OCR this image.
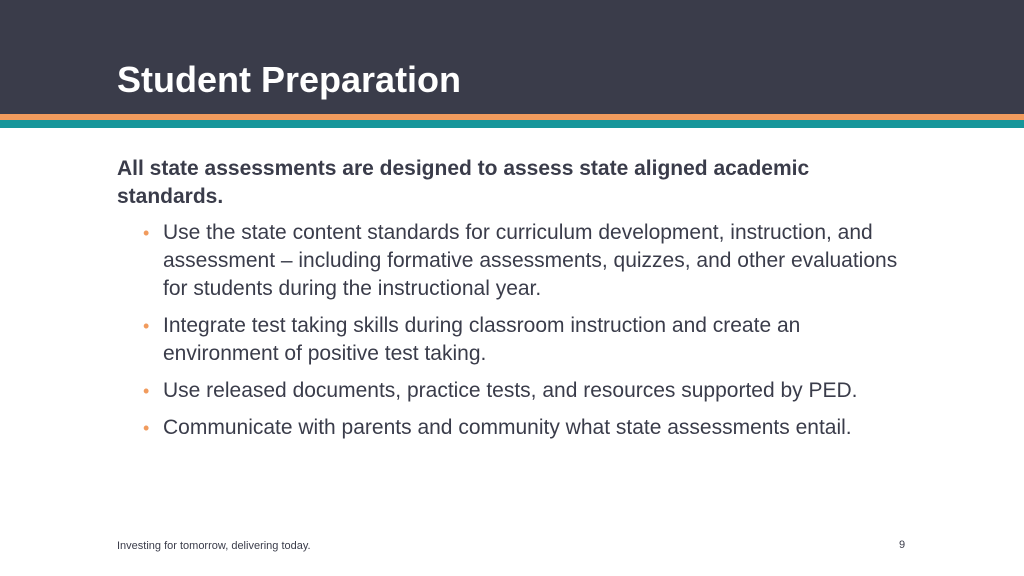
Student Preparation

All state assessments are designed to assess state aligned academic standards.

• Use the state content standards for curriculum development, instruction, and assessment – including formative assessments, quizzes, and other evaluations for students during the instructional year.
• Integrate test taking skills during classroom instruction and create an environment of positive test taking.
• Use released documents, practice tests, and resources supported by PED.
• Communicate with parents and community what state assessments entail.
Investing for tomorrow, delivering today.	9
